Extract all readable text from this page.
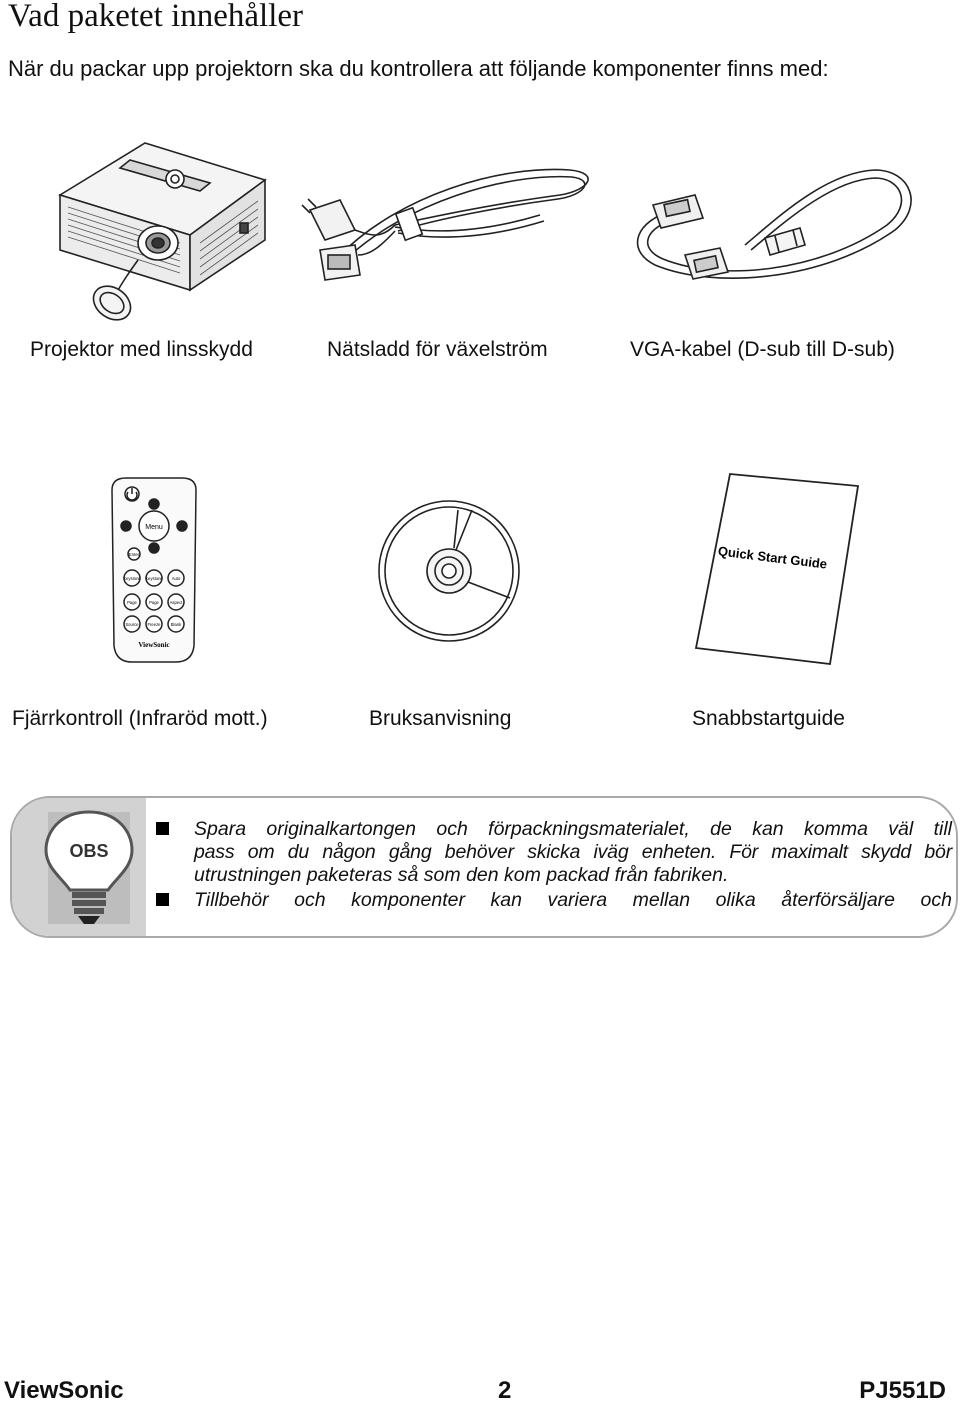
Vad paketet innehåller
När du packar upp projektorn ska du kontrollera att följande komponenter finns med:
Projektor med linsskydd	Nätsladd för växelström	VGA-kabel (D-sub till D-sub)
Menu
Enter
Keystone Keystone Auto
Page	Page	Aspect
Source Freeze Blank
ViewSonic
Quick Start Guide
Fjärrkontroll (Infraröd mott.)	Bruksanvisning	Snabbstartguide
OBS
Spara originalkartongen och förpackningsmaterialet, de kan komma väl till
pass om du någon gång behöver skicka iväg enheten. För maximalt skydd bör
utrustningen paketeras så som den kom packad från fabriken.
Tillbehör och komponenter kan variera mellan olika återförsäljare och
ViewSonic	2	PJ551D
